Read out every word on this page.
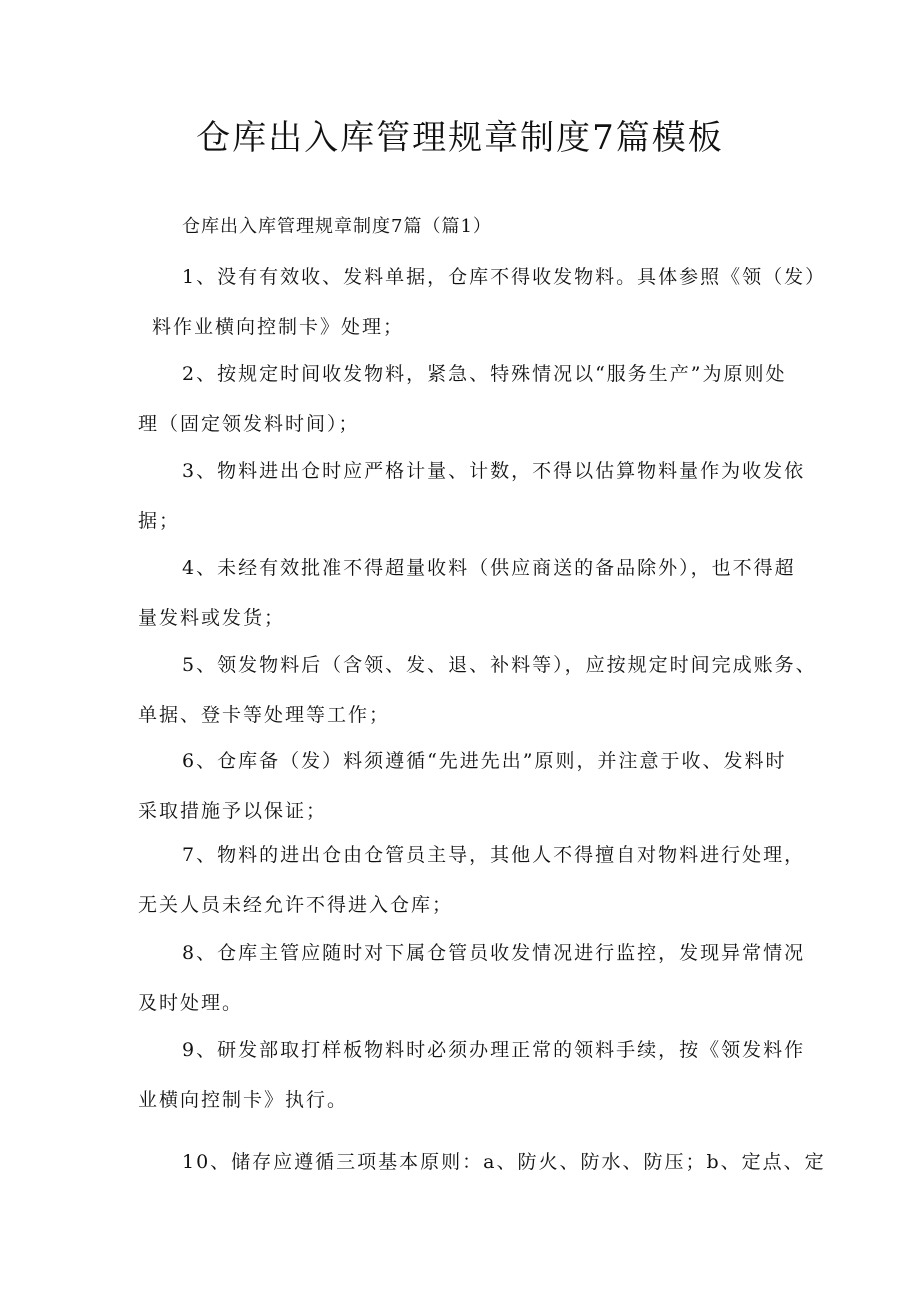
仓库出入库管理规章制度7篇模板

仓库出入库管理规章制度7篇（篇1）

1、没有有效收、发料单据，仓库不得收发物料。具体参照《领（发）
料作业横向控制卡》处理；

2、按规定时间收发物料，紧急、特殊情况以“服务生产”为原则处
理（固定领发料时间）；

3、物料进出仓时应严格计量、计数，不得以估算物料量作为收发依
据；

4、未经有效批准不得超量收料（供应商送的备品除外），也不得超
量发料或发货；

5、领发物料后（含领、发、退、补料等），应按规定时间完成账务、
单据、登卡等处理等工作；

6、仓库备（发）料须遵循“先进先出”原则，并注意于收、发料时
采取措施予以保证；

7、物料的进出仓由仓管员主导，其他人不得擅自对物料进行处理，
无关人员未经允许不得进入仓库；

8、仓库主管应随时对下属仓管员收发情况进行监控，发现异常情况
及时处理。

9、研发部取打样板物料时必须办理正常的领料手续，按《领发料作
业横向控制卡》执行。

10、储存应遵循三项基本原则：a、防火、防水、防压；b、定点、定
